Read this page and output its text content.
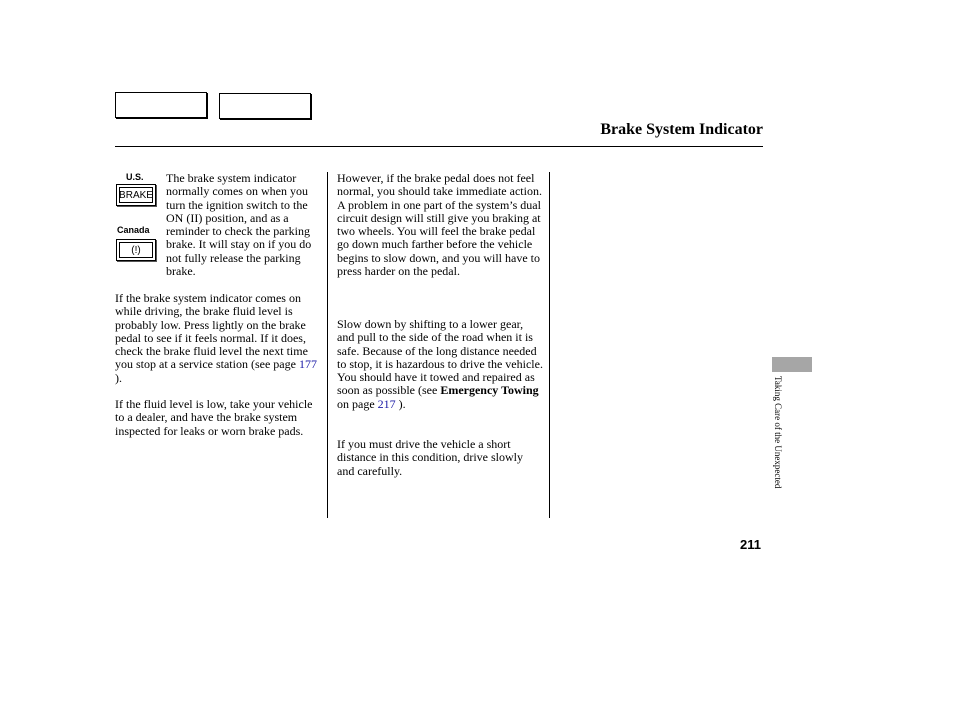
Brake System Indicator
U.S.
BRAKE
Canada
(!)

The brake system indicator normally comes on when you turn the ignition switch to the ON (II) position, and as a reminder to check the parking brake. It will stay on if you do not fully release the parking brake.

If the brake system indicator comes on while driving, the brake fluid level is probably low. Press lightly on the brake pedal to see if it feels normal. If it does, check the brake fluid level the next time you stop at a service station (see page 177 ).

If the fluid level is low, take your vehicle to a dealer, and have the brake system inspected for leaks or worn brake pads.

However, if the brake pedal does not feel normal, you should take immediate action. A problem in one part of the system’s dual circuit design will still give you braking at two wheels. You will feel the brake pedal go down much farther before the vehicle begins to slow down, and you will have to press harder on the pedal.

Slow down by shifting to a lower gear, and pull to the side of the road when it is safe. Because of the long distance needed to stop, it is hazardous to drive the vehicle. You should have it towed and repaired as soon as possible (see Emergency Towing on page 217 ).

If you must drive the vehicle a short distance in this condition, drive slowly and carefully.	Taking Care of the Unexpected
211
